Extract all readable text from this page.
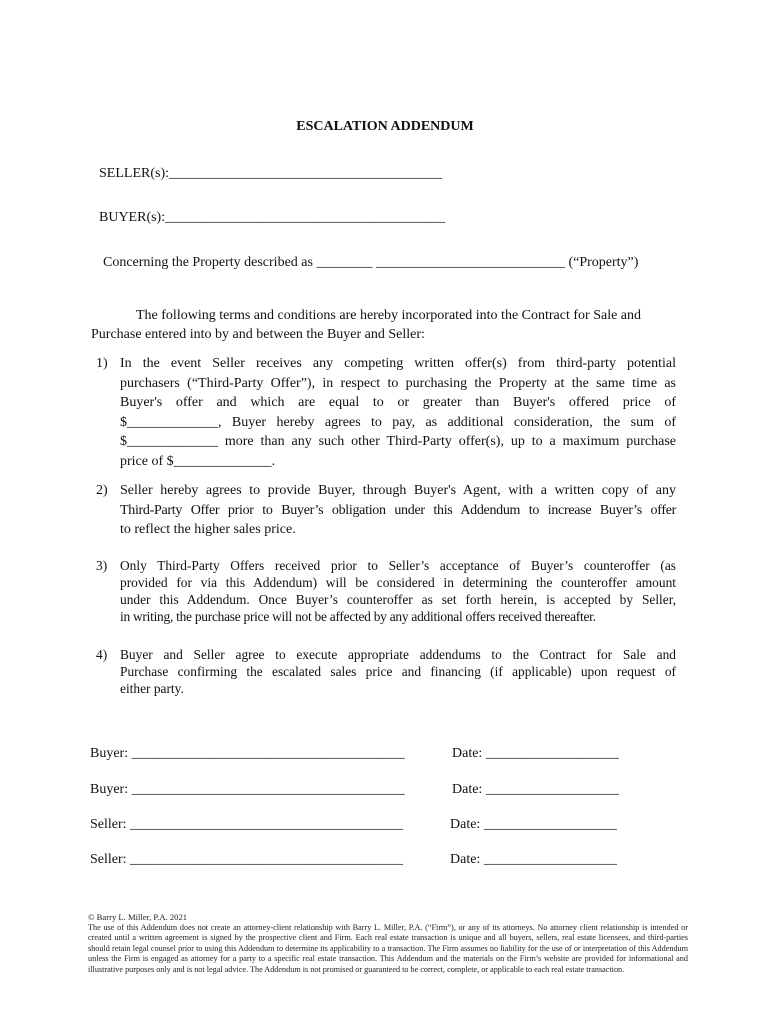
ESCALATION ADDENDUM
SELLER(s):_______________________________________
BUYER(s):________________________________________
Concerning the Property described as ________ ___________________________ (“Property”)
The following terms and conditions are hereby incorporated into the Contract for Sale and Purchase entered into by and between the Buyer and Seller:
1) In the event Seller receives any competing written offer(s) from third-party potential
purchasers (“Third-Party Offer”), in respect to purchasing the Property at the same time as
Buyer's offer and which are equal to or greater than Buyer's offered price of
$_____________, Buyer hereby agrees to pay, as additional consideration, the sum of
$_____________ more than any such other Third-Party offer(s), up to a maximum purchase
price of $______________.
2) Seller hereby agrees to provide Buyer, through Buyer's Agent, with a written copy of any
Third-Party Offer prior to Buyer’s obligation under this Addendum to increase Buyer’s offer
to reflect the higher sales price.
3) Only Third-Party Offers received prior to Seller’s acceptance of Buyer’s counteroffer (as
provided for via this Addendum) will be considered in determining the counteroffer amount
under this Addendum. Once Buyer’s counteroffer as set forth herein, is accepted by Seller,
in writing, the purchase price will not be affected by any additional offers received thereafter.
4) Buyer and Seller agree to execute appropriate addendums to the Contract for Sale and
Purchase confirming the escalated sales price and financing (if applicable) upon request of
either party.
Buyer: _______________________________________	Date: ___________________
Buyer: _______________________________________	Date: ___________________
Seller: _______________________________________	Date: ___________________
Seller: _______________________________________	Date: ___________________
© Barry L. Miller, P.A. 2021
The use of this Addendum does not create an attorney-client relationship with Barry L. Miller, P.A. (“Firm”), or any of its attorneys. No attorney client relationship is intended or created until a written agreement is signed by the prospective client and Firm. Each real estate transaction is unique and all buyers, sellers, real estate licensees, and third-parties should retain legal counsel prior to using this Addendum to determine its applicability to a transaction. The Firm assumes no liability for the use of or interpretation of this Addendum unless the Firm is engaged as attorney for a party to a specific real estate transaction. This Addendum and the materials on the Firm’s website are provided for informational and illustrative purposes only and is not legal advice. The Addendum is not promised or guaranteed to be correct, complete, or applicable to each real estate transaction.
